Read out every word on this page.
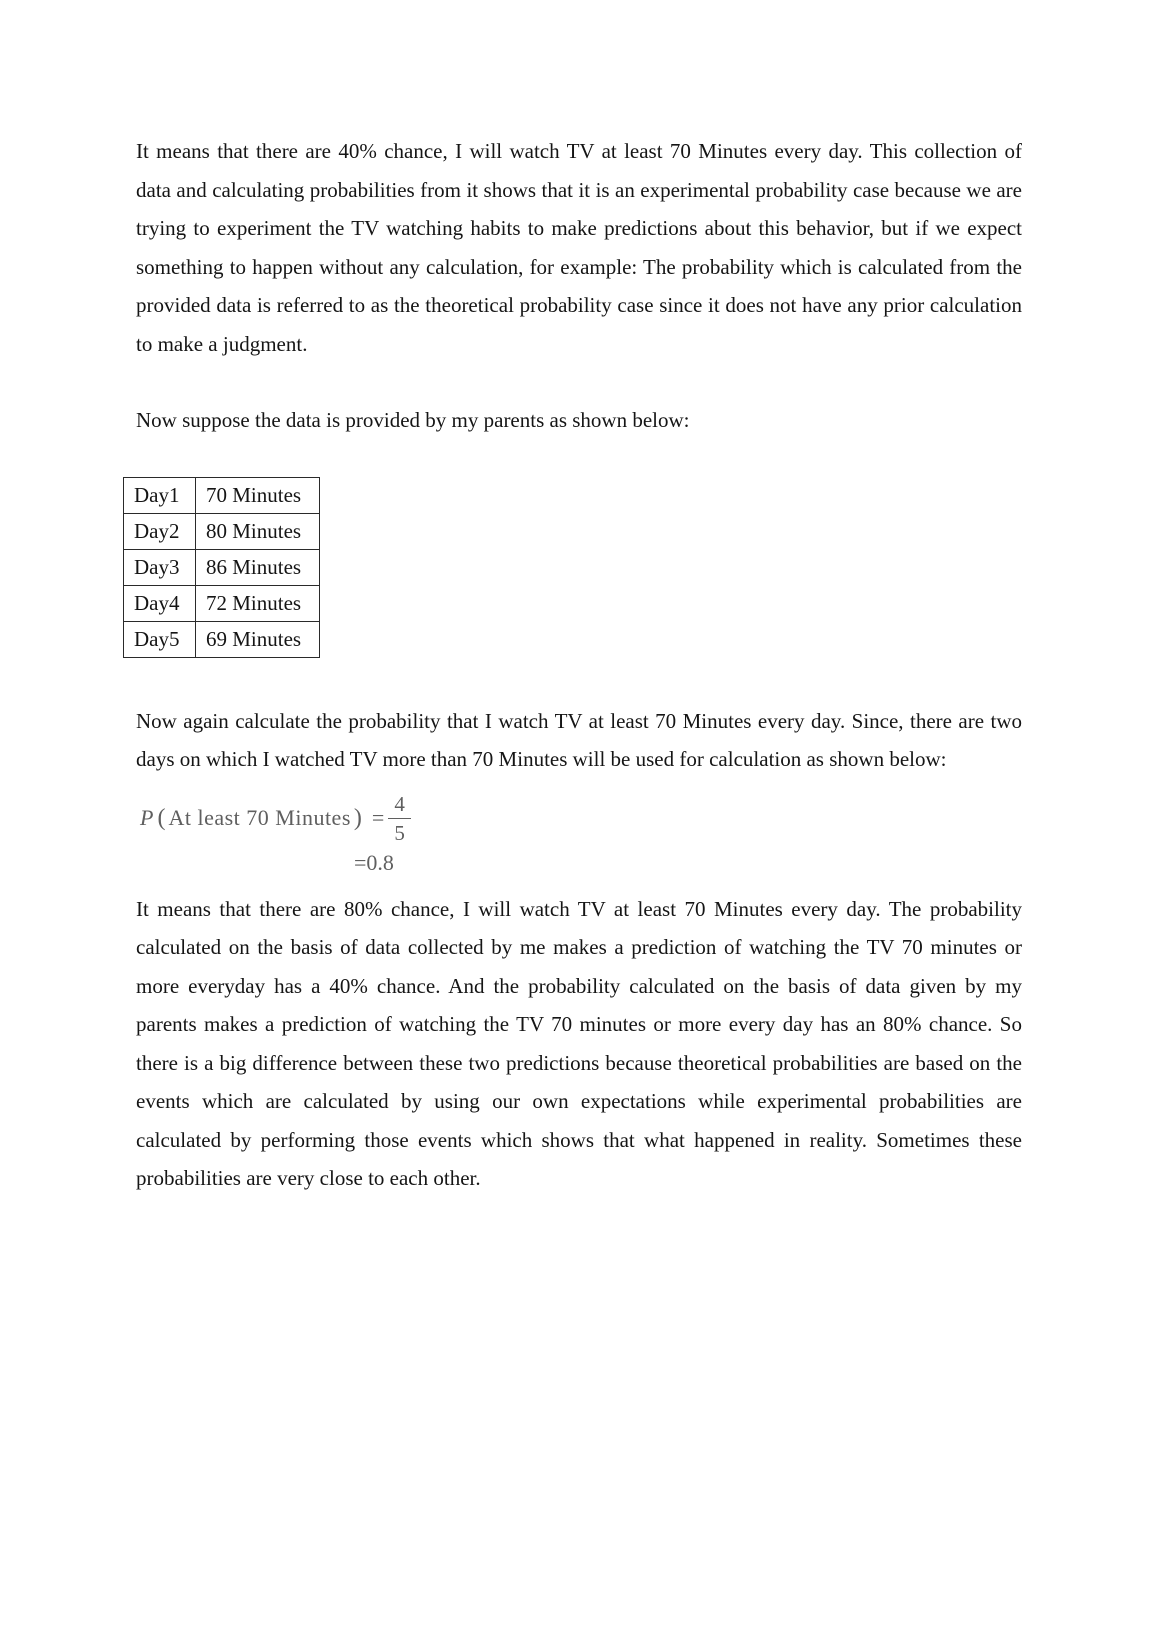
It means that there are 40% chance, I will watch TV at least 70 Minutes every day. This collection of data and calculating probabilities from it shows that it is an experimental probability case because we are trying to experiment the TV watching habits to make predictions about this behavior, but if we expect something to happen without any calculation, for example: The probability which is calculated from the provided data is referred to as the theoretical probability case since it does not have any prior calculation to make a judgment.

Now suppose the data is provided by my parents as shown below:

Day1	70 Minutes
Day2	80 Minutes
Day3	86 Minutes
Day4	72 Minutes
Day5	69 Minutes

Now again calculate the probability that I watch TV at least 70 Minutes every day. Since, there are two days on which I watched TV more than 70 Minutes will be used for calculation as shown below:

P ( At least 70 Minutes ) = $\frac{4}{5}$
=0.8

It means that there are 80% chance, I will watch TV at least 70 Minutes every day. The probability calculated on the basis of data collected by me makes a prediction of watching the TV 70 minutes or more everyday has a 40% chance. And the probability calculated on the basis of data given by my parents makes a prediction of watching the TV 70 minutes or more every day has an 80% chance. So there is a big difference between these two predictions because theoretical probabilities are based on the events which are calculated by using our own expectations while experimental probabilities are calculated by performing those events which shows that what happened in reality. Sometimes these probabilities are very close to each other.
